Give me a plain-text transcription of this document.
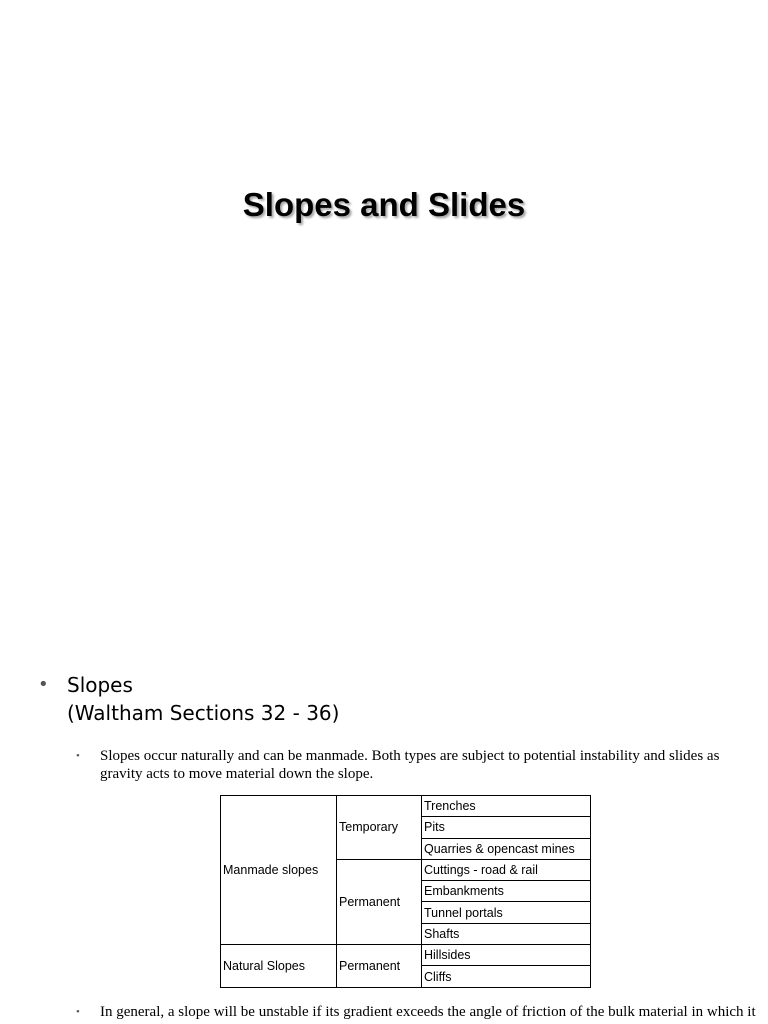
Slopes and Slides
• Slopes
(Waltham Sections 32 - 36)
• Slopes occur naturally and can be manmade. Both types are subject to potential instability and slides as gravity acts to move material down the slope.
Manmade slopes	Temporary	Trenches
		Pits
		Quarries & opencast mines
	Permanent	Cuttings - road & rail
		Embankments
		Tunnel portals
		Shafts
Natural Slopes	Permanent	Hillsides
		Cliffs
• In general, a slope will be unstable if its gradient exceeds the angle of friction of the bulk material in which it
